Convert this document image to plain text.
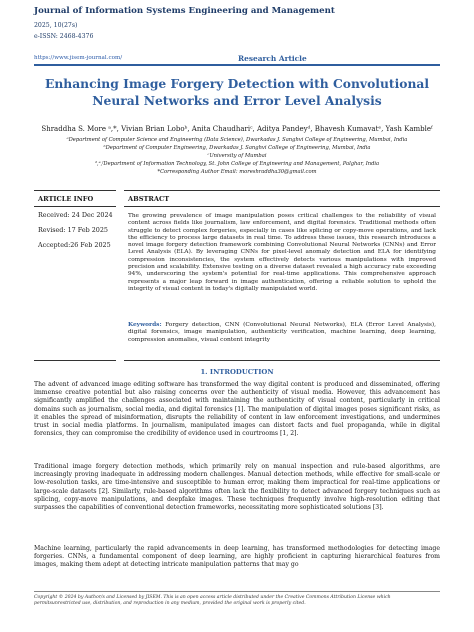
Journal of Information Systems Engineering and Management
2025, 10(27s)
e-ISSN: 2468-4376
https://www.jisem-journal.com/	Research Article
Enhancing Image Forgery Detection with Convolutional
Neural Networks and Error Level Analysis
Shraddha S. More ᵃ,*, Vivian Brian Loboᵇ, Anita Chaudhariᶜ, Aditya Pandeyᵈ, Bhavesh Kumavatᵉ, Yash Kambleᶠ
ᵃDepartment of Computer Science and Engineering (Data Science), Dwarkadas J. Sanghvi College of Engineering, Mumbai, India
ᵇDepartment of Computer Engineering, Dwarkadas J. Sanghvi College of Engineering, Mumbai, India
ᶜUniversity of Mumbai
ᵈ,ᵉ,ᶠDepartment of Information Technology, St. John College of Engineering and Management, Palghar, India
*Corresponding Author Email: moreshraddha30@gmail.com
ARTICLE INFO	ABSTRACT
Received: 24 Dec 2024
Revised: 17 Feb 2025
Accepted:26 Feb 2025
The growing prevalence of image manipulation poses critical challenges to the reliability of visual content across fields like journalism, law enforcement, and digital forensics. Traditional methods often struggle to detect complex forgeries, especially in cases like splicing or copy-move operations, and lack the efficiency to process large datasets in real time. To address these issues, this research introduces a novel image forgery detection framework combining Convolutional Neural Networks (CNNs) and Error Level Analysis (ELA). By leveraging CNNs for pixel-level anomaly detection and ELA for identifying compression inconsistencies, the system effectively detects various manipulations with improved precision and scalability. Extensive testing on a diverse dataset revealed a high accuracy rate exceeding 94%, underscoring the system's potential for real-time applications. This comprehensive approach represents a major leap forward in image authentication, offering a reliable solution to uphold the integrity of visual content in today's digitally manipulated world.
Keywords: Forgery detection, CNN (Convolutional Neural Networks), ELA (Error Level Analysis), digital forensics, image manipulation, authenticity verification, machine learning, deep learning, compression anomalies, visual content integrity
1. INTRODUCTION
The advent of advanced image editing software has transformed the way digital content is produced and disseminated, offering immense creative potential but also raising concerns over the authenticity of visual media. However, this advancement has significantly amplified the challenges associated with maintaining the authenticity of visual content, particularly in critical domains such as journalism, social media, and digital forensics [1]. The manipulation of digital images poses significant risks, as it enables the spread of misinformation, disrupts the reliability of content in law enforcement investigations, and undermines trust in social media platforms. In journalism, manipulated images can distort facts and fuel propaganda, while in digital forensics, they can compromise the credibility of evidence used in courtrooms [1, 2].
Traditional image forgery detection methods, which primarily rely on manual inspection and rule-based algorithms, are increasingly proving inadequate in addressing modern challenges. Manual detection methods, while effective for small-scale or low-resolution tasks, are time-intensive and susceptible to human error, making them impractical for real-time applications or large-scale datasets [2]. Similarly, rule-based algorithms often lack the flexibility to detect advanced forgery techniques such as splicing, copy-move manipulations, and deepfake images. These techniques frequently involve high-resolution editing that surpasses the capabilities of conventional detection frameworks, necessitating more sophisticated solutions [3].
Machine learning, particularly the rapid advancements in deep learning, has transformed methodologies for detecting image forgeries. CNNs, a fundamental component of deep learning, are highly proficient in capturing hierarchical features from images, making them adept at detecting intricate manipulation patterns that may go
Copyright © 2024 by Author/s and Licensed by JISEM. This is an open access article distributed under the Creative Commons Attribution License which
permitsunrestricted use, distribution, and reproduction in any medium, provided the original work is properly cited.
